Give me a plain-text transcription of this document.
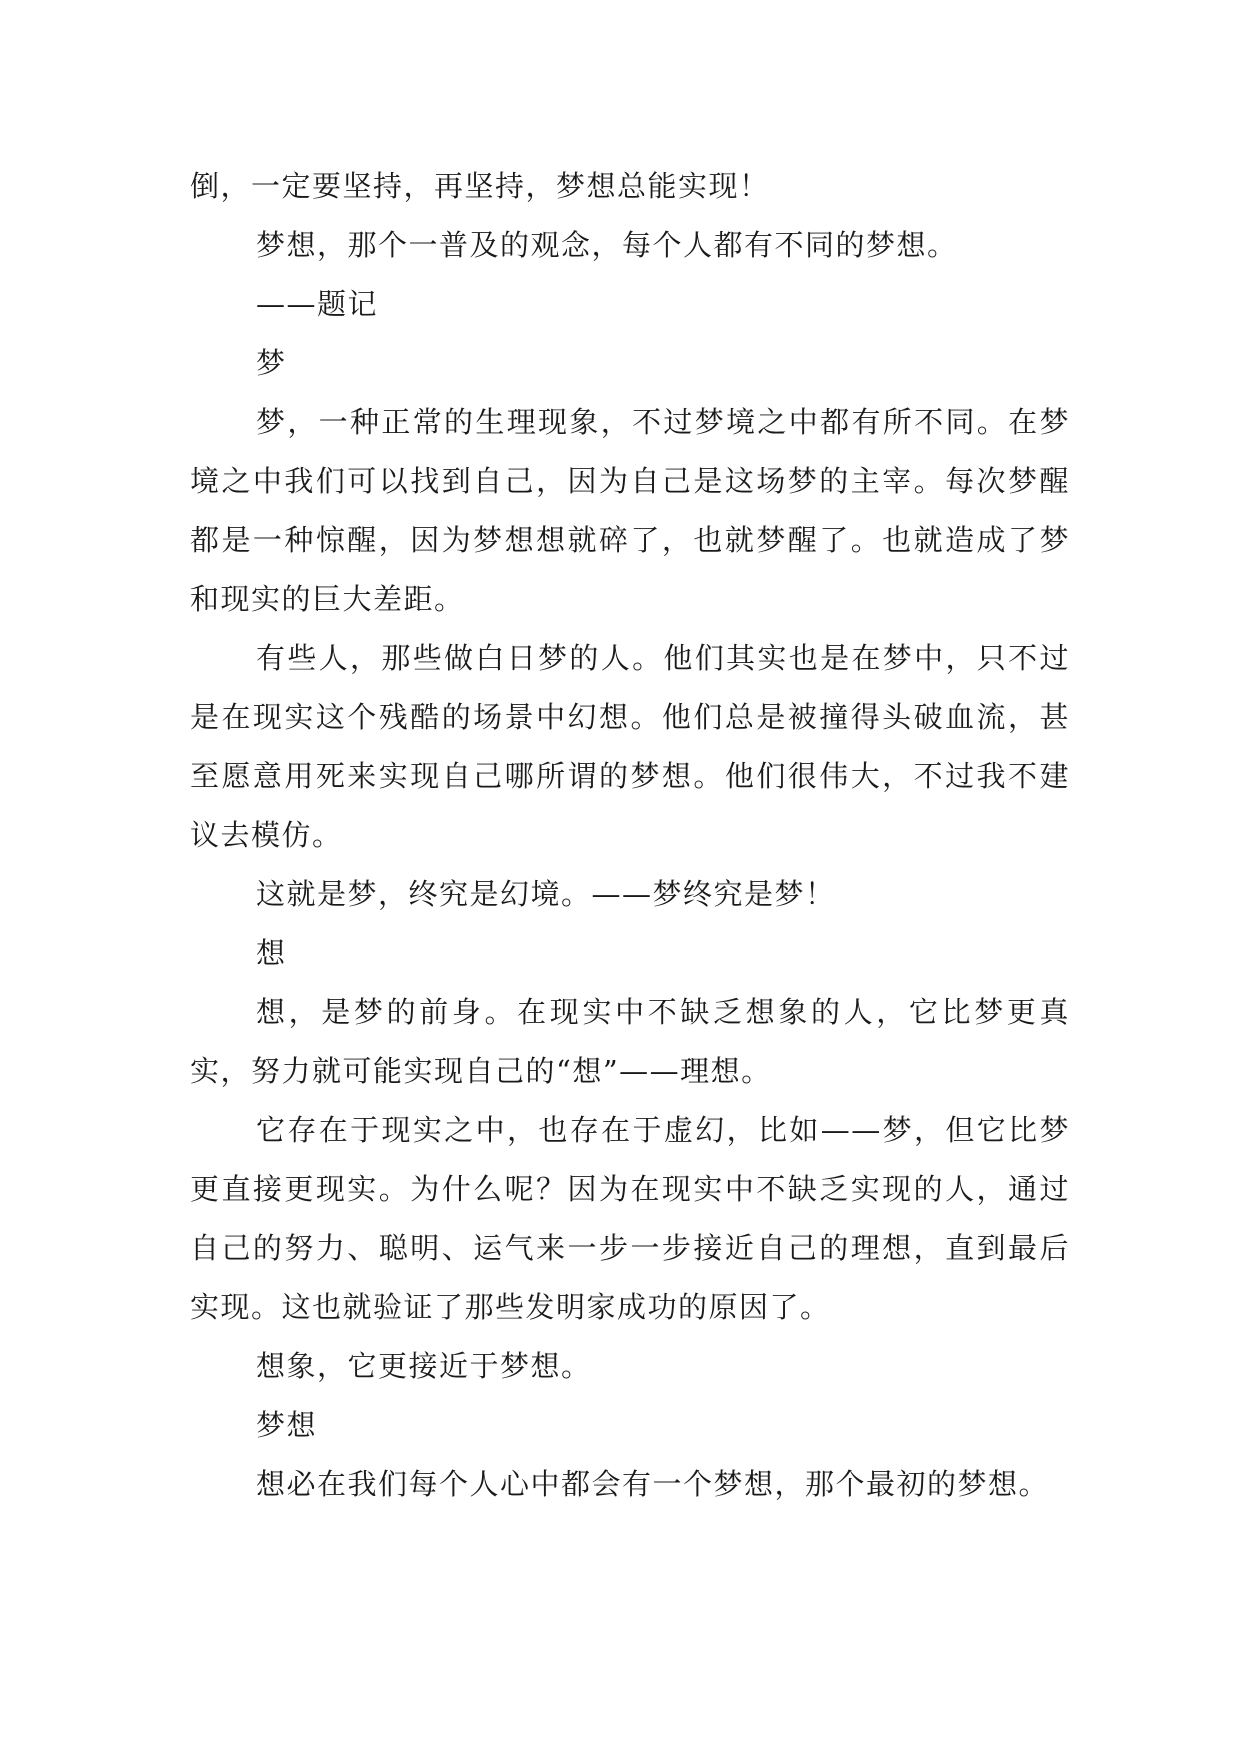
倒，一定要坚持，再坚持，梦想总能实现！

梦想，那个一普及的观念，每个人都有不同的梦想。

——题记

梦

梦，一种正常的生理现象，不过梦境之中都有所不同。在梦境之中我们可以找到自己，因为自己是这场梦的主宰。每次梦醒都是一种惊醒，因为梦想想就碎了，也就梦醒了。也就造成了梦和现实的巨大差距。

有些人，那些做白日梦的人。他们其实也是在梦中，只不过是在现实这个残酷的场景中幻想。他们总是被撞得头破血流，甚至愿意用死来实现自己哪所谓的梦想。他们很伟大，不过我不建议去模仿。

这就是梦，终究是幻境。——梦终究是梦！

想

想，是梦的前身。在现实中不缺乏想象的人，它比梦更真实，努力就可能实现自己的“想”——理想。

它存在于现实之中，也存在于虚幻，比如——梦，但它比梦更直接更现实。为什么呢？因为在现实中不缺乏实现的人，通过自己的努力、聪明、运气来一步一步接近自己的理想，直到最后实现。这也就验证了那些发明家成功的原因了。

想象，它更接近于梦想。

梦想

想必在我们每个人心中都会有一个梦想，那个最初的梦想。
